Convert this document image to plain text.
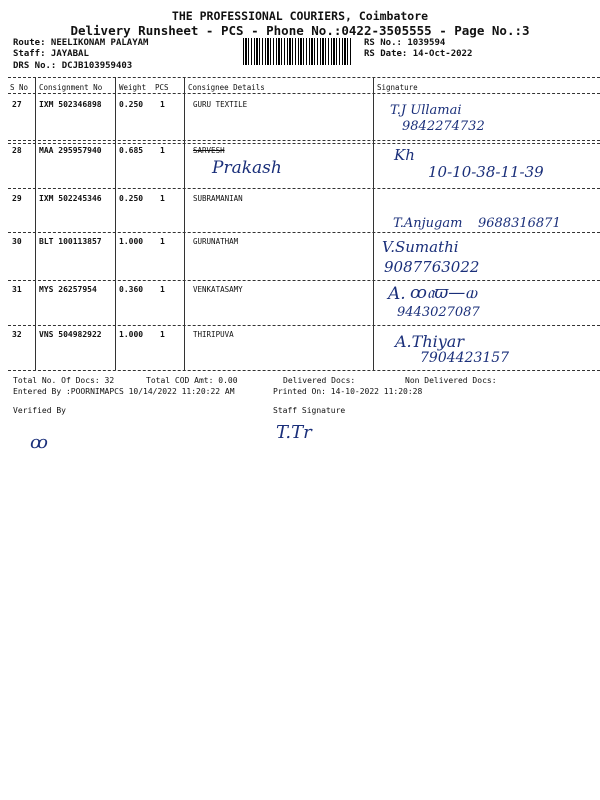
THE PROFESSIONAL COURIERS, Coimbatore
Delivery Runsheet - PCS - Phone No.:0422-3505555 - Page No.:3
Route: NEELIKONAM PALAYAM
Staff: JAYABAL
DRS No.: DCJB103959403
RS No.: 1039594
RS Date: 14-Oct-2022
S No Consignment No Weight PCS	Consignee Details	Signature
27 IXM 502346898 0.250 1	GURU TEXTILE	T.J Ullamai
9842274732
28 MAA 295957940 0.685 1	SARVESH
Prakash
Kh
10-10-38-11-39
29 IXM 502245346 0.250 1	SUBRAMANIAN
T.Anjugam 9688316871
30 BLT 100113857 1.000 1	GURUNATHAM	V.Sumathi
9087763022
31 MYS 26257954	0.360 1	VENKATASAMY	A. ꝏ𝔞ϖ—ⲱ
9443027087
32 VNS 504982922 1.000 1	THIRIPUVA	A.Thiyar
7904423157
Total No. Of Docs: 32	Total COD Amt: 0.00	Delivered Docs:	Non Delivered Docs:
Entered By :POORNIMAPCS 10/14/2022 11:20:22 AM	Printed On: 14-10-2022 11:20:28
Verified By	Staff Signature
ꝏ	T.Tr
